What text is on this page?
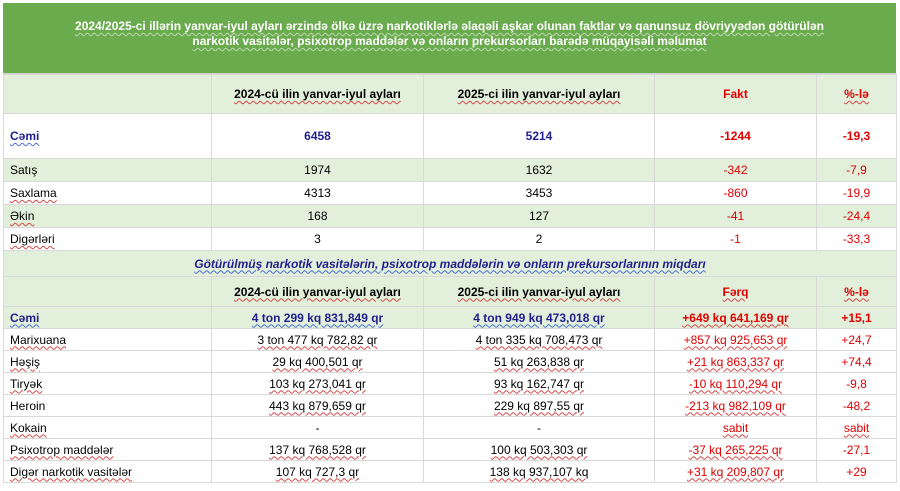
2024/2025-ci illərin yanvar-iyul ayları ərzində ölkə üzrə narkotiklərlə əlaqəli aşkar olunan faktlar və qanunsuz dövriyyədən götürülən
narkotik vasitələr, psixotrop maddələr və onların prekursorları barədə müqayisəli məlumat
	2024-cü ilin yanvar-iyul ayları	2025-ci ilin yanvar-iyul ayları	Fakt	%-lə
Cəmi	6458	5214	-1244	-19,3
Satış	1974	1632	-342	-7,9
Saxlama	4313	3453	-860	-19,9
Əkin	168	127	-41	-24,4
Digərləri	3	2	-1	-33,3
Götürülmüş narkotik vasitələrin, psixotrop maddələrin və onların prekursorlarının miqdarı				
	2024-cü ilin yanvar-iyul ayları	2025-ci ilin yanvar-iyul ayları	Fərq	%-lə
Cəmi	4 ton 299 kq 831,849 qr	4 ton 949 kq 473,018 qr	+649 kq 641,169 qr	+15,1
Marixuana	3 ton 477 kq 782,82 qr	4 ton 335 kq 708,473 qr	+857 kq 925,653 qr	+24,7
Həşiş	29 kq 400,501 qr	51 kq 263,838 qr	+21 kq 863,337 qr	+74,4
Tiryək	103 kq 273,041 qr	93 kq 162,747 qr	-10 kq 110,294 qr	-9,8
Heroin	443 kq 879,659 qr	229 kq 897,55 qr	-213 kq 982,109 qr	-48,2
Kokain	-	-	sabit	sabit
Psixotrop maddələr	137 kq 768,528 qr	100 kq 503,303 qr	-37 kq 265,225 qr	-27,1
Digər narkotik vasitələr	107 kq 727,3 qr	138 kq 937,107 kq	+31 kq 209,807 qr	+29
